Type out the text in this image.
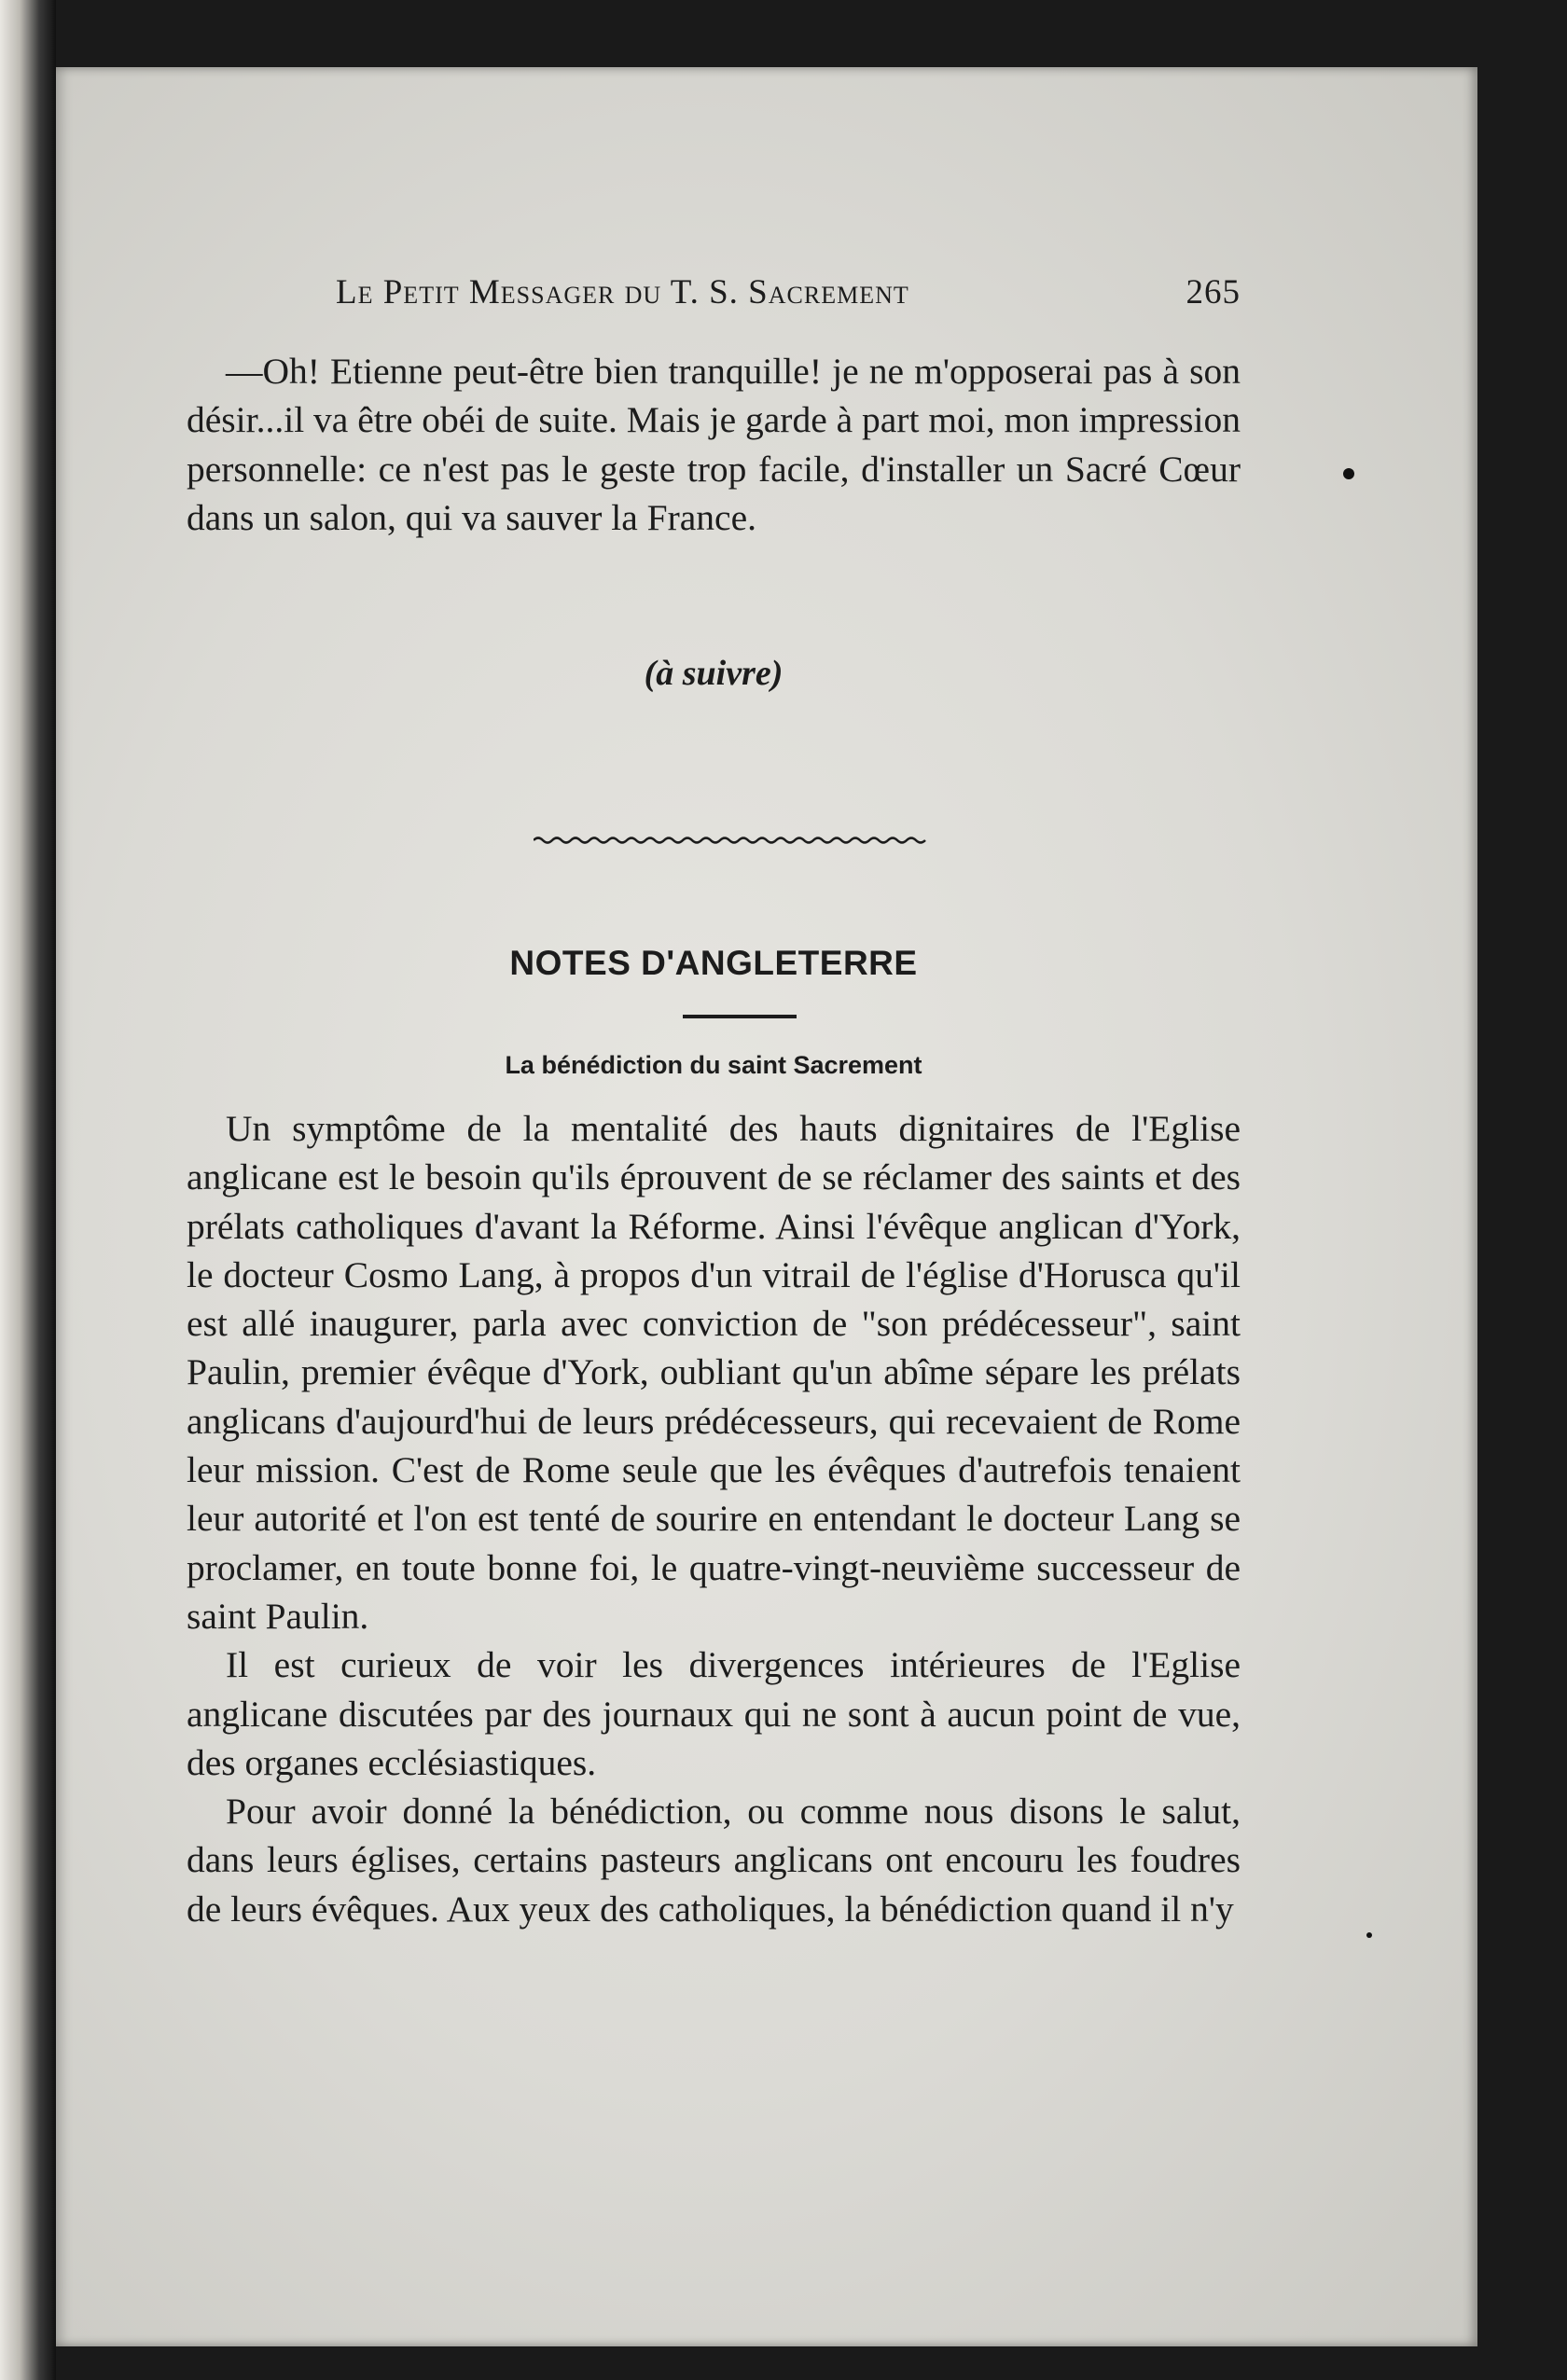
Le Petit Messager du T. S. Sacrement	265

—Oh! Etienne peut-être bien tranquille! je ne m'opposerai pas à son désir...il va être obéi de suite. Mais je garde à part moi, mon impression personnelle: ce n'est pas le geste trop facile, d'installer un Sacré Cœur dans un salon, qui va sauver la France.

(à suivre)
NOTES D'ANGLETERRE
La bénédiction du saint Sacrement

Un symptôme de la mentalité des hauts dignitaires de l'Eglise anglicane est le besoin qu'ils éprouvent de se réclamer des saints et des prélats catholiques d'avant la Réforme. Ainsi l'évêque anglican d'York, le docteur Cosmo Lang, à propos d'un vitrail de l'église d'Horusca qu'il est allé inaugurer, parla avec conviction de "son prédécesseur", saint Paulin, premier évêque d'York, oubliant qu'un abîme sépare les prélats anglicans d'aujourd'hui de leurs prédécesseurs, qui recevaient de Rome leur mission. C'est de Rome seule que les évêques d'autrefois tenaient leur autorité et l'on est tenté de sourire en entendant le docteur Lang se proclamer, en toute bonne foi, le quatre-vingt-neuvième successeur de saint Paulin.

Il est curieux de voir les divergences intérieures de l'Eglise anglicane discutées par des journaux qui ne sont à aucun point de vue, des organes ecclésiastiques.

Pour avoir donné la bénédiction, ou comme nous disons le salut, dans leurs églises, certains pasteurs anglicans ont encouru les foudres de leurs évêques. Aux yeux des catholiques, la bénédiction quand il n'y
